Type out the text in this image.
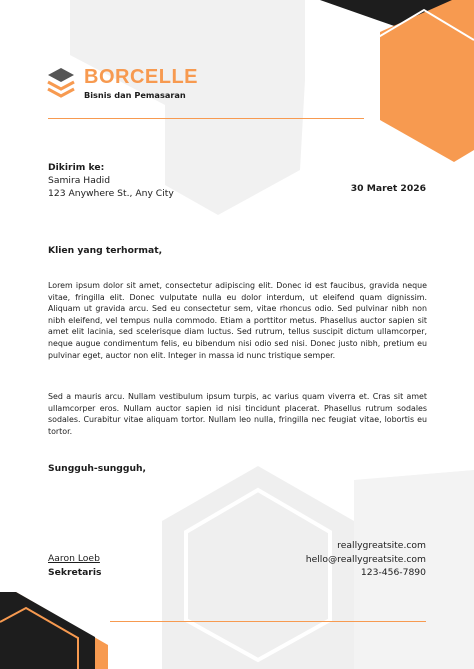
BORCELLE
Bisnis dan Pemasaran
Dikirim ke:
Samira Hadid
123 Anywhere St., Any City	30 Maret 2026
Klien yang terhormat,
Lorem ipsum dolor sit amet, consectetur adipiscing elit. Donec id est faucibus, gravida neque vitae, fringilla elit. Donec vulputate nulla eu dolor interdum, ut eleifend quam dignissim. Aliquam ut gravida arcu. Sed eu consectetur sem, vitae rhoncus odio. Sed pulvinar nibh non nibh eleifend, vel tempus nulla commodo. Etiam a porttitor metus. Phasellus auctor sapien sit amet elit lacinia, sed scelerisque diam luctus. Sed rutrum, tellus suscipit dictum ullamcorper, neque augue condimentum felis, eu bibendum nisi odio sed nisi. Donec justo nibh, pretium eu pulvinar eget, auctor non elit. Integer in massa id nunc tristique semper.
Sed a mauris arcu. Nullam vestibulum ipsum turpis, ac varius quam viverra et. Cras sit amet ullamcorper eros. Nullam auctor sapien id nisi tincidunt placerat. Phasellus rutrum sodales sodales. Curabitur vitae aliquam tortor. Nullam leo nulla, fringilla nec feugiat vitae, lobortis eu tortor.
Sungguh-sungguh,
Aaron Loeb
Sekretaris
reallygreatsite.com
hello@reallygreatsite.com
123-456-7890
